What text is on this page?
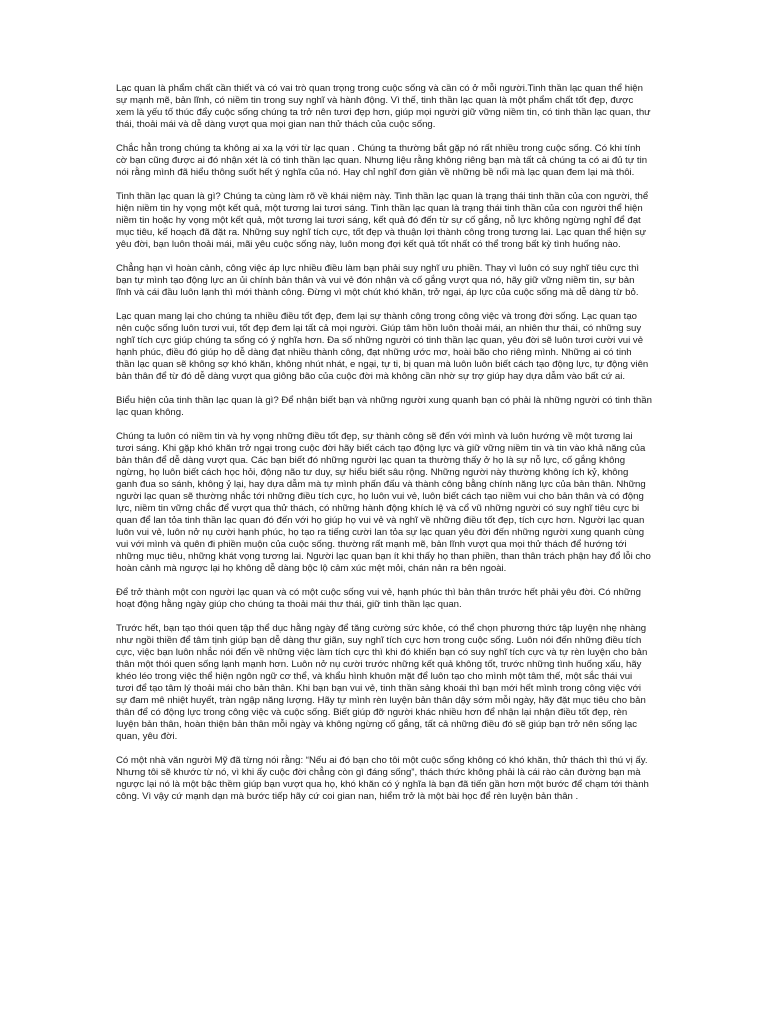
Lạc quan là phẩm chất cần thiết và có vai trò quan trọng trong cuộc sống và cần có ở mỗi người.Tinh thần lạc quan thể hiện sự mạnh mẽ, bản lĩnh, có niềm tin trong suy nghĩ và hành động. Vì thế, tinh thần lạc quan là một phẩm chất tốt đẹp, được xem là yếu tố thúc đẩy cuộc sống chúng ta trở nên tươi đẹp hơn, giúp mọi người giữ vững niềm tin, có tinh thần lạc quan, thư thái, thoải mái và dễ dàng vượt qua mọi gian nan thử thách của cuộc sống.

Chắc hẳn trong chúng ta không ai xa lạ với từ lạc quan . Chúng ta thường bắt gặp nó rất nhiều trong cuộc sống. Có khi tính cờ bạn cũng được ai đó nhận xét là có tinh thần lạc quan. Nhưng liệu rằng không riêng bạn mà tất cả chúng ta có ai đủ tự tin nói rằng mình đã hiểu thông suốt hết ý nghĩa của nó. Hay chỉ nghĩ đơn giản về những bề nổi mà lạc quan đem lại mà thôi.

Tinh thần lạc quan là gì? Chúng ta cùng làm rõ về khái niệm này. Tinh thần lạc quan là trạng thái tinh thần của con người, thể hiện niềm tin hy vọng một kết quả, một tương lai tươi sáng. Tinh thần lạc quan là trạng thái tinh thần của con người thể hiện niềm tin hoặc hy vọng một kết quả, một tương lai tươi sáng, kết quả đó đến từ sự cố gắng, nỗ lực không ngừng nghỉ để đạt mục tiêu, kế hoạch đã đặt ra. Những suy nghĩ tích cực, tốt đẹp và thuận lợi thành công trong tương lai. Lạc quan thể hiện sự yêu đời, bạn luôn thoải mái, mãi yêu cuộc sống này, luôn mong đợi kết quả tốt nhất có thể trong bất kỳ tình huống nào.

Chẳng hạn vì hoàn cảnh, công việc áp lực nhiều điều làm bạn phải suy nghĩ ưu phiền. Thay vì luôn có suy nghĩ tiêu cực thì bạn tự mình tạo động lực an ủi chính bản thân và vui vẻ đón nhận và cố gắng vượt qua nó, hãy giữ vững niềm tin, sự bản lĩnh và cái đầu luôn lạnh thì mới thành công. Đừng vì một chút khó khăn, trở ngại, áp lực của cuộc sống mà dễ dàng từ bỏ.

Lạc quan mang lại cho chúng ta nhiều điều tốt đẹp, đem lại sự thành công trong công việc và trong đời sống. Lạc quan tạo nên cuộc sống luôn tươi vui, tốt đẹp đem lại tất cả mọi người. Giúp tâm hồn luôn thoải mái, an nhiên thư thái, có những suy nghĩ tích cực giúp chúng ta sống có ý nghĩa hơn. Đa số những người có tinh thần lạc quan, yêu đời sẽ luôn tươi cười vui vẻ hạnh phúc, điều đó giúp họ dễ dàng đạt nhiều thành công, đạt những ước mơ, hoài bão cho riêng mình. Những ai có tinh thần lạc quan sẽ không sợ khó khăn, không nhút nhát, e ngại, tự ti, bị quan mà luôn luôn biết cách tạo động lực, tự động viên bản thân để từ đó dễ dàng vượt qua giông bão của cuộc đời mà không cần nhờ sự trợ giúp hay dựa dẫm vào bất cứ ai.

Biểu hiện của tinh thần lạc quan là gì? Để nhận biết bạn và những người xung quanh bạn có phải là những người có tinh thần lạc quan không.

Chúng ta luôn có niềm tin và hy vọng những điều tốt đẹp, sự thành công sẽ đến với mình và luôn hướng về một tương lai tươi sáng. Khi gặp khó khăn trở ngại trong cuộc đời hãy biết cách tạo động lực và giữ vững niềm tin và tin vào khả năng của bản thân để dễ dàng vượt qua. Các bạn biết đó những người lạc quan ta thường thấy ở họ là sự nỗ lực, cố gắng không ngừng, họ luôn biết cách học hỏi, động não tư duy, sự hiểu biết sâu rộng. Những người này thường không ích kỷ, không ganh đua so sánh, không ỷ lại, hay dựa dẫm mà tự mình phấn đấu và thành công bằng chính năng lực của bản thân. Những người lạc quan sẽ thường nhắc tới những điều tích cực, họ luôn vui vẻ, luôn biết cách tạo niềm vui cho bản thân và có động lực, niềm tin vững chắc để vượt qua thử thách, có những hành động khích lệ và cổ vũ những người có suy nghĩ tiêu cực bi quan để lan tỏa tinh thần lạc quan đó đến với họ giúp họ vui vẻ và nghĩ về những điều tốt đẹp, tích cực hơn. Người lạc quan luôn vui vẻ, luôn nở nụ cười hạnh phúc, họ tạo ra tiếng cười lan tỏa sự lạc quan yêu đời đến những người xung quanh cùng vui với mình và quên đi phiền muộn của cuộc sống. thường rất mạnh mẽ, bản lĩnh vượt qua mọi thử thách để hướng tới những mục tiêu, những khát vọng tương lai. Người lạc quan bạn ít khi thấy họ than phiền, than thân trách phận hay đổ lỗi cho hoàn cảnh mà ngược lại họ không dễ dàng bộc lộ cảm xúc mệt mỏi, chán nản ra bên ngoài.

Để trở thành một con người lạc quan và có một cuộc sống vui vẻ, hạnh phúc thì bản thân trước hết phải yêu đời. Có những hoạt động hằng ngày giúp cho chúng ta thoải mái thư thái, giữ tinh thần lạc quan.

Trước hết, bạn tạo thói quen tập thể dục hằng ngày để tăng cường sức khỏe, có thể chọn phương thức tập luyện nhẹ nhàng như ngồi thiền để tâm tịnh giúp bạn dễ dàng thư giãn, suy nghĩ tích cực hơn trong cuộc sống. Luôn nói đến những điều tích cực, việc bạn luôn nhắc nói đến về những việc làm tích cực thì khi đó khiến bạn có suy nghĩ tích cực và tự rèn luyện cho bản thân một thói quen sống lạnh mạnh hơn. Luôn nở nụ cười trước những kết quả không tốt, trước những tình huống xấu, hãy khéo léo trong việc thể hiện ngôn ngữ cơ thể, và khẩu hình khuôn mặt để luôn tạo cho mình một tâm thế, một sắc thái vui tươi để tạo tâm lý thoải mái cho bản thân. Khi bạn bạn vui vẻ, tinh thần sảng khoái thì bạn mới hết mình trong công việc với sự đam mê nhiệt huyết, tràn ngập năng lượng. Hãy tự mình rèn luyện bản thân dậy sớm mỗi ngày, hãy đặt mục tiêu cho bản thân để có động lực trong công việc và cuộc sống. Biết giúp đỡ người khác nhiều hơn để nhận lại nhận điều tốt đẹp, rèn luyện bản thân, hoàn thiện bản thân mỗi ngày và không ngừng cố gắng, tất cả những điều đó sẽ giúp bạn trở nên sống lạc quan, yêu đời.

Có một nhà văn người Mỹ đã từng nói rằng: “Nếu ai đó bạn cho tôi một cuộc sống không có khó khăn, thử thách thì thú vị ấy. Nhưng tôi sẽ khước từ nó, vì khi ấy cuộc đời chẳng còn gì đáng sống”, thách thức không phải là cái rào cản đường bạn mà ngược lại nó là một bậc thềm giúp bạn vượt qua họ, khó khăn có ý nghĩa là bạn đã tiến gần hơn một bước để chạm tới thành công. Vì vậy cứ mạnh dạn mà bước tiếp hãy cứ coi gian nan, hiểm trở là một bài học để rèn luyện bản thân .
